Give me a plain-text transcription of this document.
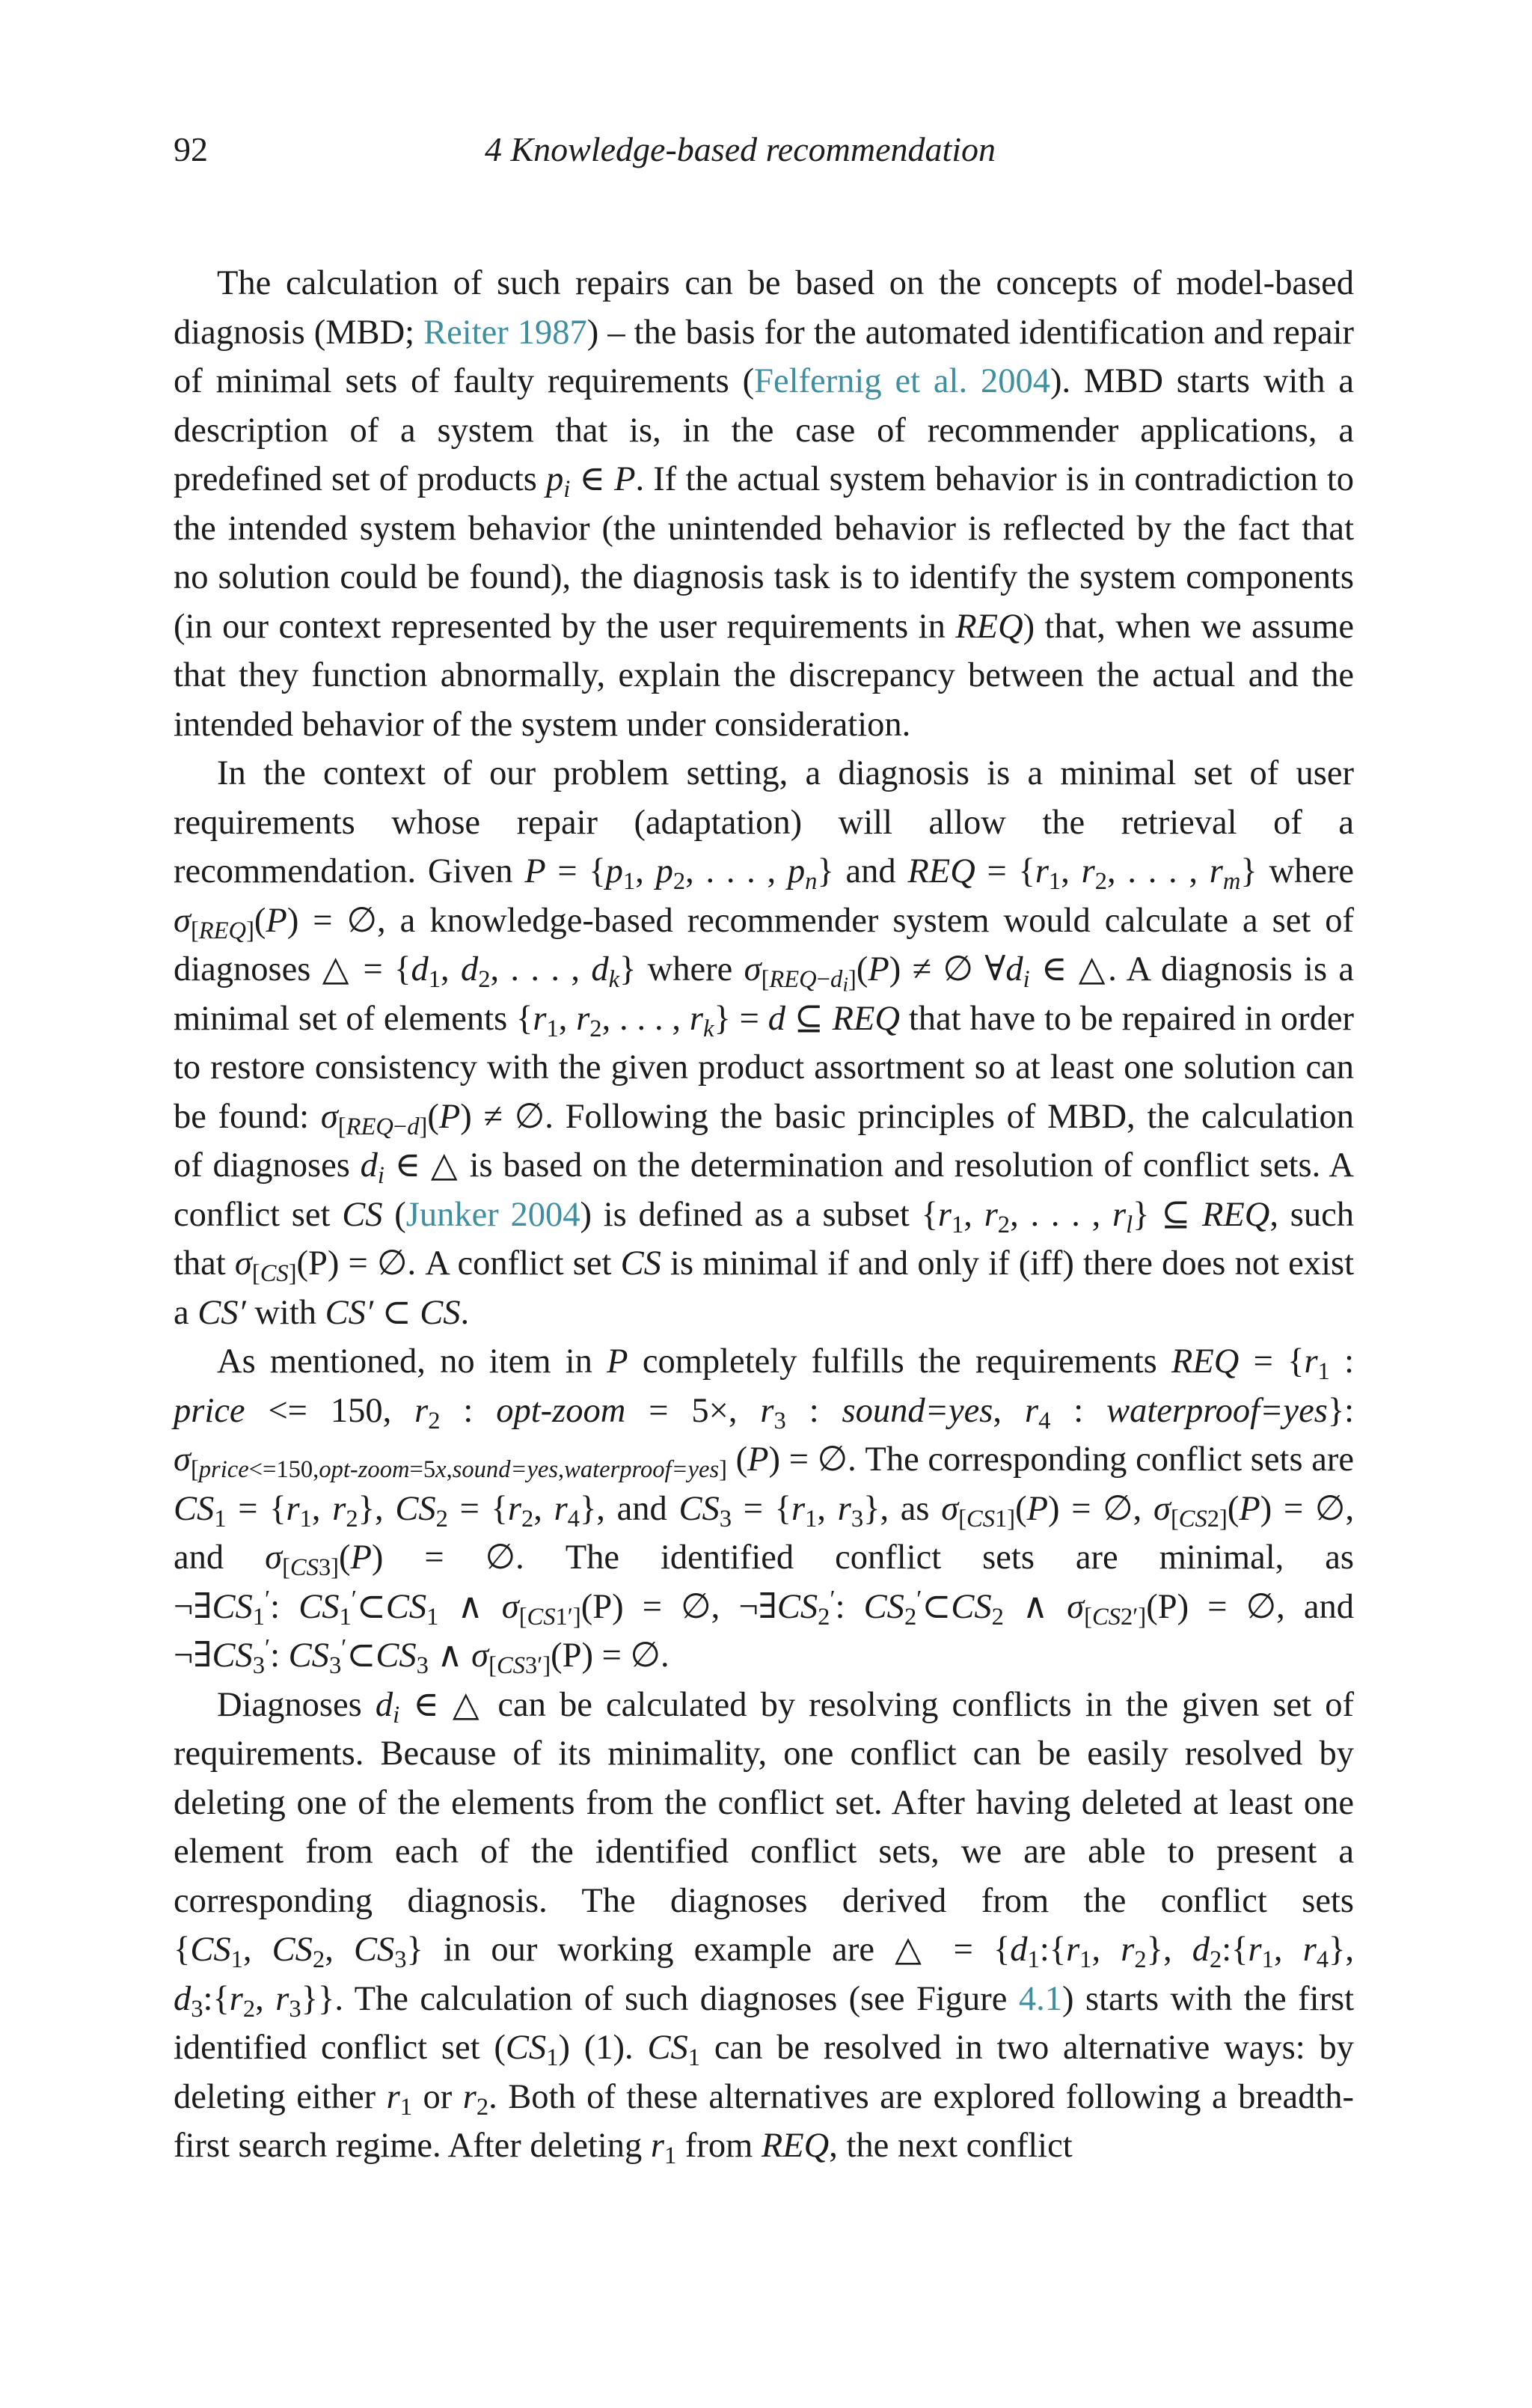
92	4 Knowledge-based recommendation

The calculation of such repairs can be based on the concepts of model-based diagnosis (MBD; Reiter 1987) – the basis for the automated identification and repair of minimal sets of faulty requirements (Felfernig et al. 2004). MBD starts with a description of a system that is, in the case of recommender applications, a predefined set of products $p_i$ ∈ P. If the actual system behavior is in contradiction to the intended system behavior (the unintended behavior is reflected by the fact that no solution could be found), the diagnosis task is to identify the system components (in our context represented by the user requirements in REQ) that, when we assume that they function abnormally, explain the discrepancy between the actual and the intended behavior of the system under consideration.

In the context of our problem setting, a diagnosis is a minimal set of user requirements whose repair (adaptation) will allow the retrieval of a recommendation. Given $P = \{p_1$, $p_2$, . . . , $p_n$} and REQ = {$r_1$, $r_2$, . . . , $r_m$} where $\sigma_{[REQ]}(P)$ = ∅, a knowledge-based recommender system would calculate a set of diagnoses △ = {$d_1$, $d_2$, . . . , $d_k$} where $\sigma_{[REQ-d_i]}(P)$ ≠ ∅ $\forall d_i$ ∈ △. A diagnosis is a minimal set of elements {$r_1$, $r_2$, . . . , $r_k\} = d$ ⊆ REQ that have to be repaired in order to restore consistency with the given product assortment so at least one solution can be found: $\sigma_{[REQ-d]}(P)$ ≠ ∅. Following the basic principles of MBD, the calculation of diagnoses $d_i$ ∈ △ is based on the determination and resolution of conflict sets. A conflict set CS (Junker 2004) is defined as a subset {$r_1$, $r_2$, . . . , $r_l$} ⊆ REQ, such that $\sigma_{[CS]}(P)$ = ∅. A conflict set CS is minimal if and only if (iff) there does not exist a CS′ with CS′ ⊂ CS.

As mentioned, no item in P completely fulfills the requirements REQ = {$r_1$ : price <= 150, $r_2$ : opt-zoom = 5×, $r_3$ : sound=yes, $r_4$ : waterproof=yes}: $\sigma_{[price<=150,opt-zoom=5x,sound=yes,waterproof=yes]}$ (P) = ∅. The corresponding conflict sets are $CS_1 = \{r_1$, $r_2$}, $CS_2 = \{r_2$, $r_4$}, and $CS_3 = \{r_1$, $r_3$}, as $\sigma_{[CS1]}(P)$ = ∅, $\sigma_{[CS2]}(P)$ = ∅, and $\sigma_{[CS3]}(P)$ = ∅. The identified conflict sets are minimal, as $\neg\exists CS_1'$: $CS_1'\subset CS_1$ ∧ $\sigma_{[CS1']}(P)$ = ∅, $\neg\exists CS_2'$: $CS_2'\subset CS_2$ ∧ $\sigma_{[CS2']}(P)$ = ∅, and $\neg\exists CS_3'$: $CS_3'\subset CS_3$ ∧ $\sigma_{[CS3']}(P)$ = ∅.

Diagnoses $d_i$ ∈ △ can be calculated by resolving conflicts in the given set of requirements. Because of its minimality, one conflict can be easily resolved by deleting one of the elements from the conflict set. After having deleted at least one element from each of the identified conflict sets, we are able to present a corresponding diagnosis. The diagnoses derived from the conflict sets {$CS_1$, $CS_2$, $CS_3$} in our working example are △ = {$d_1:\{r_1$, $r_2$}, $d_2:\{r_1$, $r_4$}, $d_3:\{r_2$, $r_3$}}. The calculation of such diagnoses (see Figure 4.1) starts with the first identified conflict set $(CS_1)$ (1). $CS_1$ can be resolved in two alternative ways: by deleting either $r_1$ or $r_2$. Both of these alternatives are explored following a breadth-first search regime. After deleting $r_1$ from REQ, the next conflict
